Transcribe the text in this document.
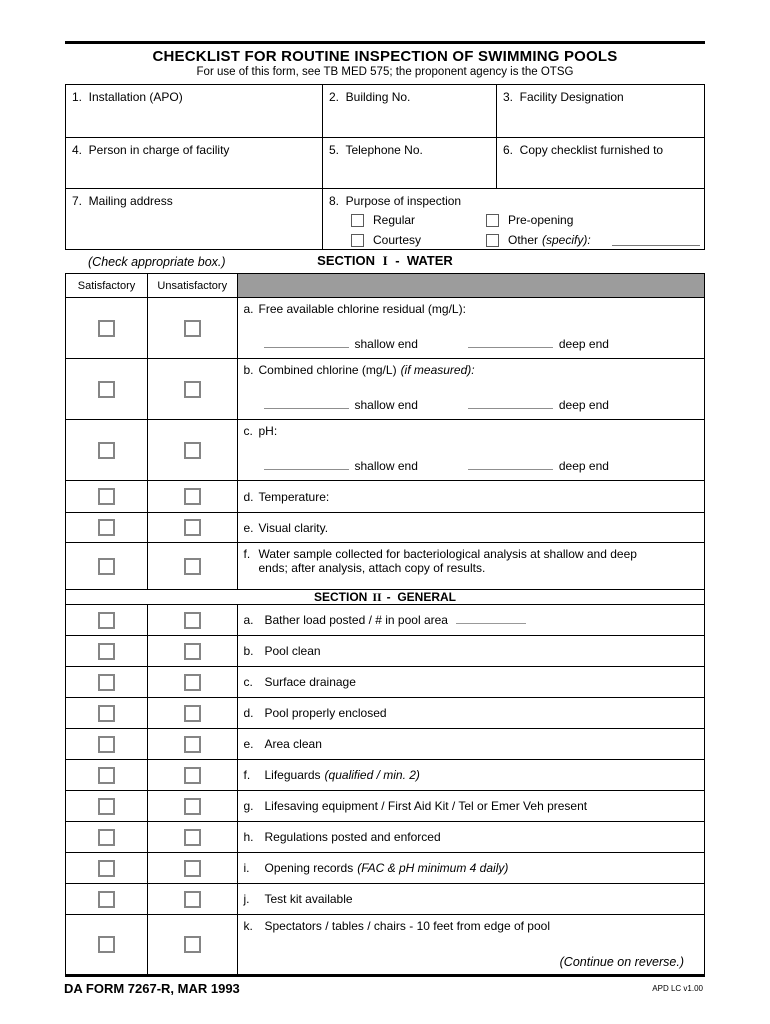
CHECKLIST FOR ROUTINE INSPECTION OF SWIMMING POOLS
For use of this form, see TB MED 575; the proponent agency is the OTSG
1.  Installation (APO)	2.  Building No.	3.  Facility Designation
4.  Person in charge of facility	5.  Telephone No.	6.  Copy checklist furnished to
7.  Mailing address	8.  Purpose of inspection
Regular	Pre-opening
Courtesy	Other (specify):
(Check appropriate box.)	SECTION I -  WATER
Satisfactory Unsatisfactory
a. Free available chlorine residual (mg/L):
shallow end	deep end
b. Combined chlorine (mg/L) (if measured):
shallow end	deep end
c. pH:
shallow end	deep end
d. Temperature:
e. Visual clarity.
f. Water sample collected for bacteriological analysis at shallow and deep ends; after analysis, attach copy of results.
SECTION II -  GENERAL
a. Bather load posted / # in pool area
b. Pool clean
c. Surface drainage
d. Pool properly enclosed
e. Area clean
f.	Lifeguards (qualified / min. 2)
g. Lifesaving equipment / First Aid Kit / Tel or Emer Veh present
h. Regulations posted and enforced
i.	Opening records (FAC & pH minimum 4 daily)
j.	Test kit available
k. Spectators / tables / chairs - 10 feet from edge of pool
(Continue on reverse.)
DA FORM 7267-R, MAR 1993	APD LC v1.00
